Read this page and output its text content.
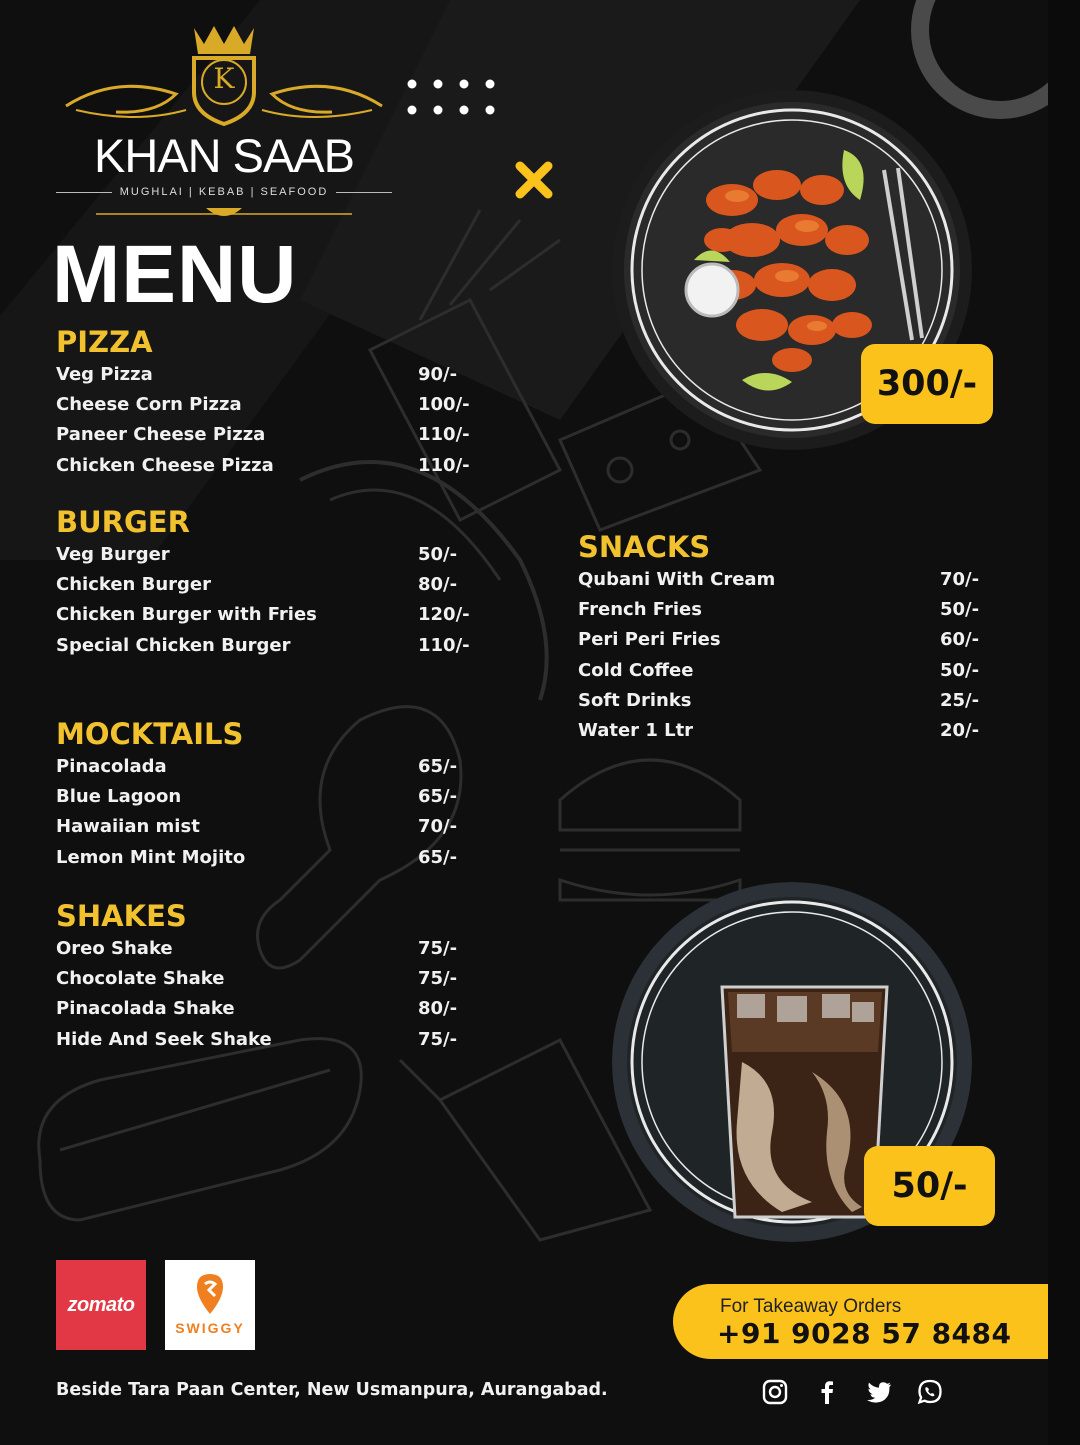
K
KHAN SAAB
MUGHLAI | KEBAB | SEAFOOD
MENU
PIZZA
Veg Pizza	90/-
Cheese Corn Pizza	100/-
Paneer Cheese Pizza	110/-
Chicken Cheese Pizza	110/-
BURGER
Veg Burger	50/-
Chicken Burger	80/-
Chicken Burger with Fries	120/-
Special Chicken Burger	110/-
MOCKTAILS
Pinacolada	65/-
Blue Lagoon	65/-
Hawaiian mist	70/-
Lemon Mint Mojito	65/-
SHAKES
Oreo Shake	75/-
Chocolate Shake	75/-
Pinacolada Shake	80/-
Hide And Seek Shake	75/-
SNACKS
Qubani With Cream	70/-
French Fries	50/-
Peri Peri Fries	60/-
Cold Coffee	50/-
Soft Drinks	25/-
Water 1 Ltr	20/-
300/-
50/-
zomato
SWIGGY
For Takeaway Orders
+91 9028 57 8484
Beside Tara Paan Center, New Usmanpura, Aurangabad.
